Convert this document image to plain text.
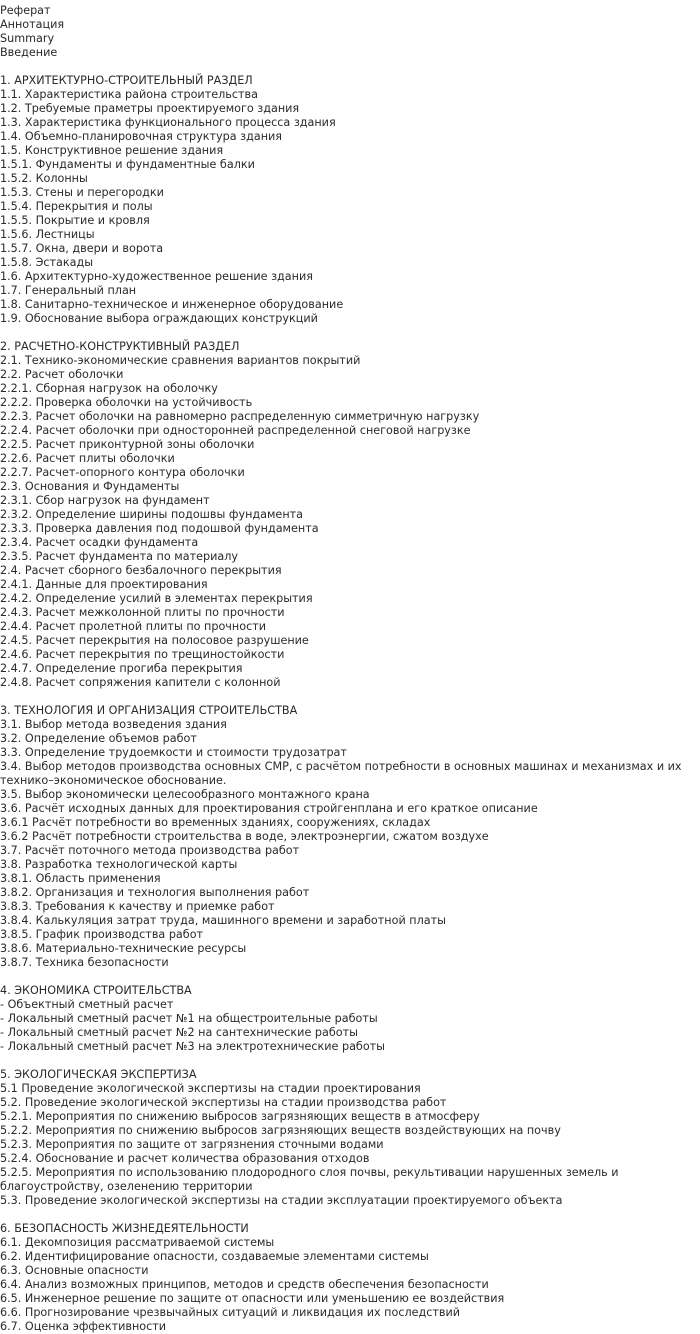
Реферат
Аннотация
Summary
Введение
1. АРХИТЕКТУРНО-СТРОИТЕЛЬНЫЙ РАЗДЕЛ
1.1. Характеристика района строительства
1.2. Требуемые праметры проектируемого здания
1.3. Характеристика функционального процесса здания
1.4. Объемно-планировочная структура здания
1.5. Конструктивное решение здания
1.5.1. Фундаменты и фундаментные балки
1.5.2. Колонны
1.5.3. Стены и перегородки
1.5.4. Перекрытия и полы
1.5.5. Покрытие и кровля
1.5.6. Лестницы
1.5.7. Окна, двери и ворота
1.5.8. Эстакады
1.6. Архитектурно-художественное решение здания
1.7. Генеральный план
1.8. Санитарно-техническое и инженерное оборудование
1.9. Обоснование выбора ограждающих конструкций
2. РАСЧЕТНО-КОНСТРУКТИВНЫЙ РАЗДЕЛ
2.1. Технико-экономические сравнения вариантов покрытий
2.2. Расчет оболочки
2.2.1. Сборная нагрузок на оболочку
2.2.2. Проверка оболочки на устойчивость
2.2.3. Расчет оболочки на равномерно распределенную симметричную нагрузку
2.2.4. Расчет оболочки при односторонней распределенной снеговой нагрузке
2.2.5. Расчет приконтурной зоны оболочки
2.2.6. Расчет плиты оболочки
2.2.7. Расчет-опорного контура оболочки
2.3. Основания и Фундаменты
2.3.1. Сбор нагрузок на фундамент
2.3.2. Определение ширины подошвы фундамента
2.3.3. Проверка давления под подошвой фундамента
2.3.4. Расчет осадки фундамента
2.3.5. Расчет фундамента по материалу
2.4. Расчет сборного безбалочного перекрытия
2.4.1. Данные для проектирования
2.4.2. Определение усилий в элементах перекрытия
2.4.3. Расчет межколонной плиты по прочности
2.4.4. Расчет пролетной плиты по прочности
2.4.5. Расчет перекрытия на полосовое разрушение
2.4.6. Расчет перекрытия по трещиностойкости
2.4.7. Определение прогиба перекрытия
2.4.8. Расчет сопряжения капители с колонной
3. ТЕХНОЛОГИЯ И ОРГАНИЗАЦИЯ СТРОИТЕЛЬСТВА
3.1. Выбор метода возведения здания
3.2. Определение объемов работ
3.3. Определение трудоемкости и стоимости трудозатрат
3.4. Выбор методов производства основных СМР, с расчётом потребности в основных машинах и механизмах и их технико–экономическое обоснование.
3.5. Выбор экономически целесообразного монтажного крана
3.6. Расчёт исходных данных для проектирования стройгенплана и его краткое описание
3.6.1 Расчёт потребности во временных зданиях, сооружениях, складах
3.6.2 Расчёт потребности строительства в воде, электроэнергии, сжатом воздухе
3.7. Расчёт поточного метода производства работ
3.8. Разработка технологической карты
3.8.1. Область применения
3.8.2. Организация и технология выполнения работ
3.8.3. Требования к качеству и приемке работ
3.8.4. Калькуляция затрат труда, машинного времени и заработной платы
3.8.5. График производства работ
3.8.6. Материально-технические ресурсы
3.8.7. Техника безопасности
4. ЭКОНОМИКА СТРОИТЕЛЬСТВА
- Объектный сметный расчет
- Локальный сметный расчет №1 на общестроительные работы
- Локальный сметный расчет №2 на сантехнические работы
- Локальный сметный расчет №3 на электротехнические работы
5. ЭКОЛОГИЧЕСКАЯ ЭКСПЕРТИЗА
5.1 Проведение экологической экспертизы на стадии проектирования
5.2. Проведение экологической экспертизы на стадии производства работ
5.2.1. Мероприятия по снижению выбросов загрязняющих веществ в атмосферу
5.2.2. Мероприятия по снижению выбросов загрязняющих веществ воздействующих на почву
5.2.3. Мероприятия по защите от загрязнения сточными водами
5.2.4. Обоснование и расчет количества образования отходов
5.2.5. Мероприятия по использованию плодородного слоя почвы, рекультивации нарушенных земель и благоустройству, озеленению территории
5.3. Проведение экологической экспертизы на стадии эксплуатации проектируемого объекта
6. БЕЗОПАСНОСТЬ ЖИЗНЕДЕЯТЕЛЬНОСТИ
6.1. Декомпозиция рассматриваемой системы
6.2. Идентифицирование опасности, создаваемые элементами системы
6.3. Основные опасности
6.4. Анализ возможных принципов, методов и средств обеспечения безопасности
6.5. Инженерное решение по защите от опасности или уменьшению ее воздействия
6.6. Прогнозирование чрезвычайных ситуаций и ликвидация их последствий
6.7. Оценка эффективности
